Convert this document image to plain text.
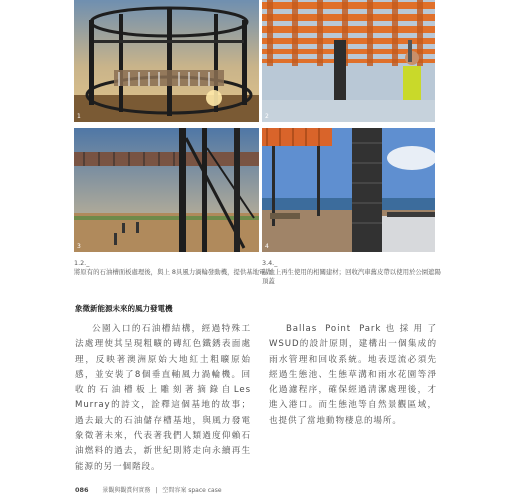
1	2
3	4
1.2._
將原有的石油槽面板處理後，與上 8具風力渦輪發動機，提供基地電力
3.4._
基地上再生使用的相關建材；回收汽車舊皮帶以使用於公園遮陽頂蓋
象徵新能源未來的風力發電機

公園入口的石油槽結構，經過特殊工法處理使其呈現粗曠的磚紅色鐵銹表面處理，反映著澳洲原始大地紅土粗曠原始感，並安裝了8個垂直軸風力渦輪機。回收的石油槽板上雕刻著摘錄自Les Murray的詩文，詮釋這個基地的故事；過去最大的石油儲存槽基地，與風力發電象徵著未來，代表著我們人類過度仰賴石油燃料的過去，新世紀則將走向永續再生能源的另一個階段。

Ballas Point Park也採用了WSUD的設計原則，建構出一個集成的雨水管理和回收系統。地表逕流必須先經過生態池、生態草溝和雨水花園等淨化過濾程序，確保經過清潔處理後，才進入港口。而生態池等自然景觀區域，也提供了當地動物棲息的場所。

086 景觀與觀賞何實務 | 空間容案 space case
